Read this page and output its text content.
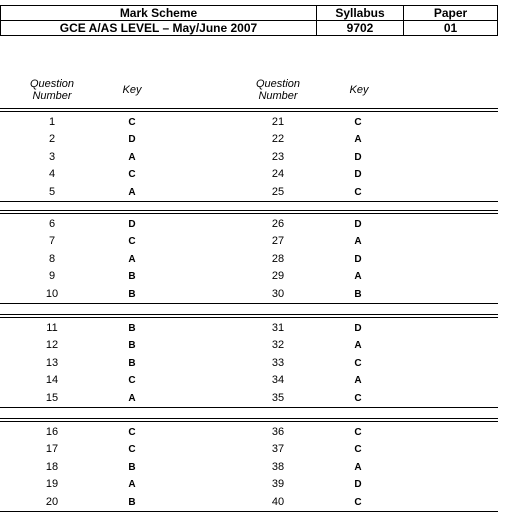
Mark Scheme	Syllabus	Paper
GCE A/AS LEVEL – May/June 2007	9702	01
Question
Number	Key	Question
Number	Key
1	C	21	C
2	D	22	A
3	A	23	D
4	C	24	D
5	A	25	C
6	D	26	D
7	C	27	A
8	A	28	D
9	B	29	A
10	B	30	B
11	B	31	D
12	B	32	A
13	B	33	C
14	C	34	A
15	A	35	C
16	C	36	C
17	C	37	C
18	B	38	A
19	A	39	D
20	B	40	C
